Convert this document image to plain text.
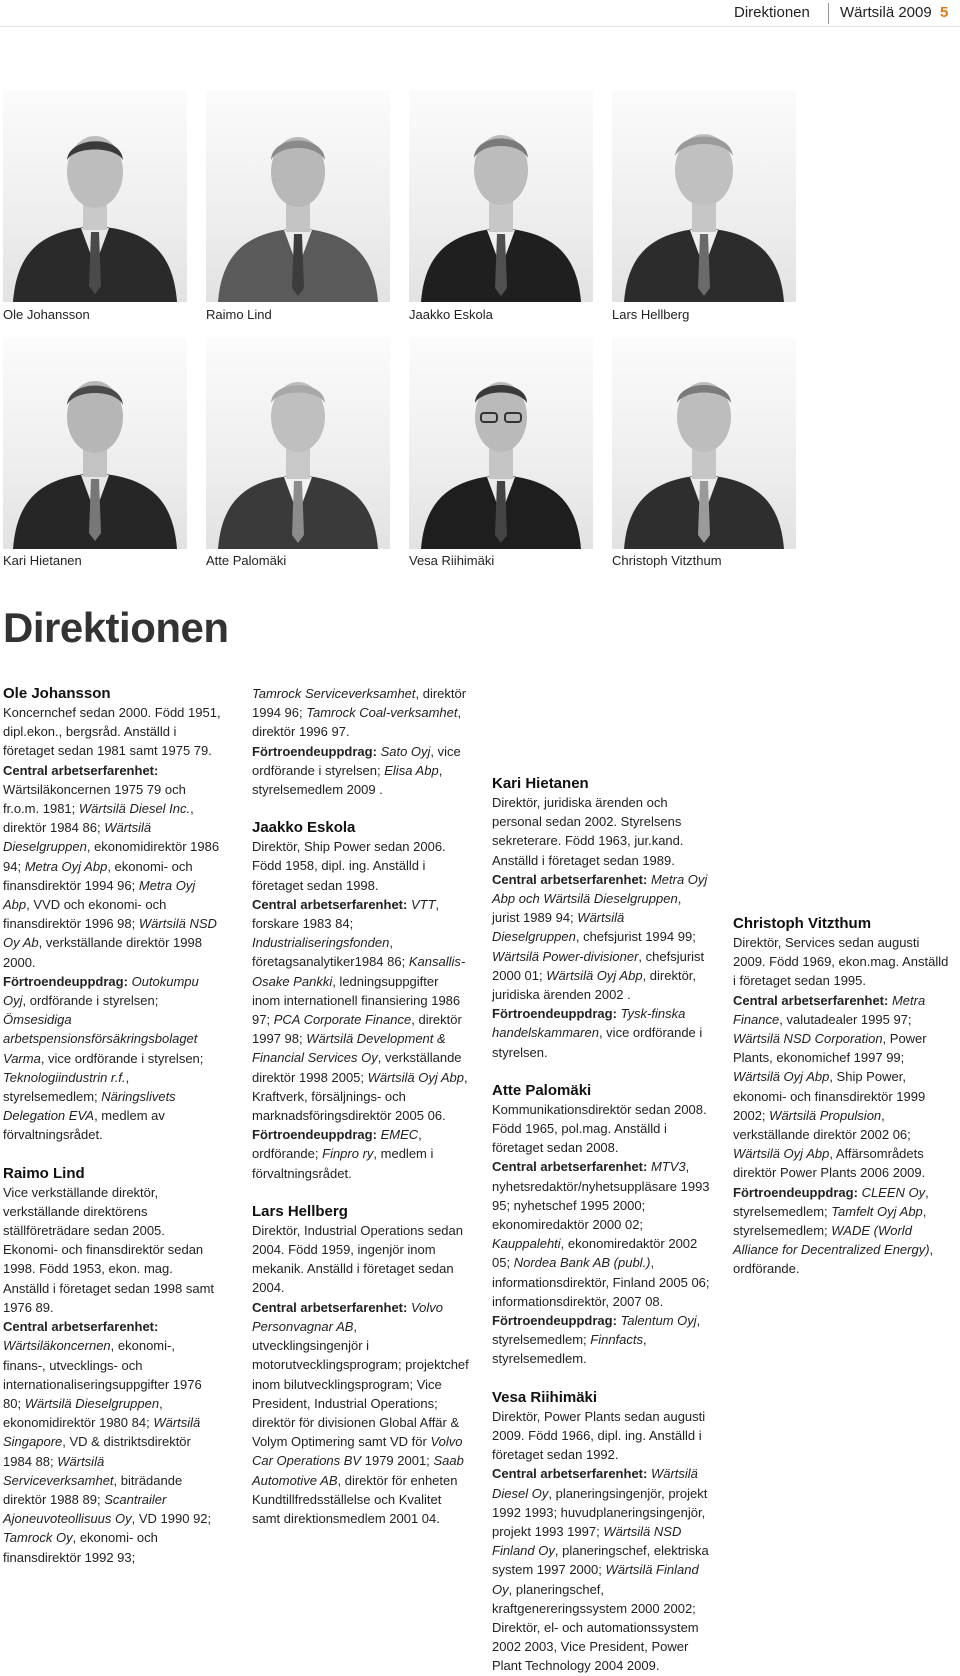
Direktionen Wärtsilä 2009 5
Ole Johansson	Raimo Lind	Jaakko Eskola	Lars Hellberg
Kari Hietanen	Atte Palomäki	Vesa Riihimäki	Christoph Vitzthum
Direktionen
Ole Johansson

Koncernchef sedan 2000. Född 1951, dipl.ekon., bergsråd. Anställd i företaget sedan 1981 samt 1975 79.

Central arbetserfarenhet: Wärtsiläkoncernen 1975 79 och fr.o.m. 1981; Wärtsilä Diesel Inc., direktör 1984 86; Wärtsilä Dieselgruppen, ekonomidirektör 1986 94; Metra Oyj Abp, ekonomi- och finansdirektör 1994 96; Metra Oyj Abp, VVD och ekonomi- och finansdirektör 1996 98; Wärtsilä NSD Oy Ab, verkställande direktör 1998 2000.

Förtroendeuppdrag: Outokumpu Oyj, ordförande i styrelsen; Ömsesidiga arbetspensionsförsäkringsbolaget Varma, vice ordförande i styrelsen; Teknologiindustrin r.f., styrelsemedlem; Näringslivets Delegation EVA, medlem av förvaltningsrådet.

Raimo Lind

Vice verkställande direktör, verkställande direktörens ställföreträdare sedan 2005. Ekonomi- och finansdirektör sedan 1998. Född 1953, ekon. mag. Anställd i företaget sedan 1998 samt 1976 89.

Central arbetserfarenhet: Wärtsiläkoncernen, ekonomi-, finans-, utvecklings- och internationaliseringsuppgifter 1976 80; Wärtsilä Dieselgruppen, ekonomidirektör 1980 84; Wärtsilä Singapore, VD & distriktsdirektör 1984 88; Wärtsilä Serviceverksamhet, biträdande direktör 1988 89; Scantrailer Ajoneuvoteollisuus Oy, VD 1990 92; Tamrock Oy, ekonomi- och finansdirektör 1992 93;

Tamrock Serviceverksamhet, direktör 1994 96; Tamrock Coal-verksamhet, direktör 1996 97.

Förtroendeuppdrag: Sato Oyj, vice ordförande i styrelsen; Elisa Abp, styrelsemedlem 2009 .

Jaakko Eskola

Direktör, Ship Power sedan 2006. Född 1958, dipl. ing. Anställd i företaget sedan 1998.

Central arbetserfarenhet: VTT, forskare 1983 84; Industrialiseringsfonden, företagsanalytiker1984 86; Kansallis-Osake Pankki, ledningsuppgifter inom internationell finansiering 1986 97; PCA Corporate Finance, direktör 1997 98; Wärtsilä Development & Financial Services Oy, verkställande direktör 1998 2005; Wärtsilä Oyj Abp, Kraftverk, försäljnings- och marknadsföringsdirektör 2005 06.

Förtroendeuppdrag: EMEC, ordförande; Finpro ry, medlem i förvaltningsrådet.

Lars Hellberg

Direktör, Industrial Operations sedan 2004. Född 1959, ingenjör inom mekanik. Anställd i företaget sedan 2004.

Central arbetserfarenhet: Volvo Personvagnar AB, utvecklingsingenjör i motorutvecklingsprogram; projektchef inom bilutvecklingsprogram; Vice President, Industrial Operations; direktör för divisionen Global Affär & Volym Optimering samt VD för Volvo Car Operations BV 1979 2001; Saab Automotive AB, direktör för enheten Kundtillfredsställelse och Kvalitet samt direktionsmedlem 2001 04.

Kari Hietanen

Direktör, juridiska ärenden och personal sedan 2002. Styrelsens sekreterare. Född 1963, jur.kand. Anställd i företaget sedan 1989.

Central arbetserfarenhet: Metra Oyj Abp och Wärtsilä Dieselgruppen, jurist 1989 94; Wärtsilä Dieselgruppen, chefsjurist 1994 99; Wärtsilä Power-divisioner, chefsjurist 2000 01; Wärtsilä Oyj Abp, direktör, juridiska ärenden 2002 .

Förtroendeuppdrag: Tysk-finska handelskammaren, vice ordförande i styrelsen.

Atte Palomäki

Kommunikationsdirektör sedan 2008. Född 1965, pol.mag. Anställd i företaget sedan 2008.

Central arbetserfarenhet: MTV3, nyhetsredaktör/nyhetsuppläsare 1993 95; nyhetschef 1995 2000; ekonomiredaktör 2000 02; Kauppalehti, ekonomiredaktör 2002 05; Nordea Bank AB (publ.), informationsdirektör, Finland 2005 06; informationsdirektör, 2007 08.

Förtroendeuppdrag: Talentum Oyj, styrelsemedlem; Finnfacts, styrelsemedlem.

Vesa Riihimäki

Direktör, Power Plants sedan augusti 2009. Född 1966, dipl. ing. Anställd i företaget sedan 1992.

Central arbetserfarenhet: Wärtsilä Diesel Oy, planeringsingenjör, projekt 1992 1993; huvudplaneringsingenjör, projekt 1993 1997; Wärtsilä NSD Finland Oy, planeringschef, elektriska system 1997 2000; Wärtsilä Finland Oy, planeringschef, kraftgenereringssystem 2000 2002; Direktör, el- och automationssystem 2002 2003, Vice President, Power Plant Technology 2004 2009.

Christoph Vitzthum

Direktör, Services sedan augusti 2009. Född 1969, ekon.mag. Anställd i företaget sedan 1995.

Central arbetserfarenhet: Metra Finance, valutadealer 1995 97; Wärtsilä NSD Corporation, Power Plants, ekonomichef 1997 99; Wärtsilä Oyj Abp, Ship Power, ekonomi- och finansdirektör 1999 2002; Wärtsilä Propulsion, verkställande direktör 2002 06; Wärtsilä Oyj Abp, Affärsområdets direktör Power Plants 2006 2009.

Förtroendeuppdrag: CLEEN Oy, styrelsemedlem; Tamfelt Oyj Abp, styrelsemedlem; WADE (World Alliance for Decentralized Energy), ordförande.
